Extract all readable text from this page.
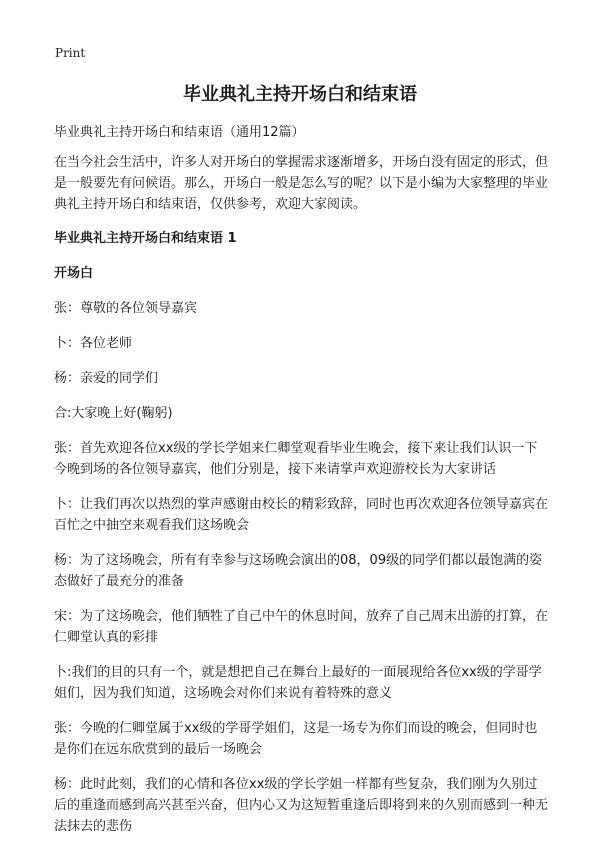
Print
毕业典礼主持开场白和结束语

毕业典礼主持开场白和结束语（通用12篇）

在当今社会生活中，许多人对开场白的掌握需求逐渐增多，开场白没有固定的形式，但是一般要先有问候语。那么，开场白一般是怎么写的呢？以下是小编为大家整理的毕业典礼主持开场白和结束语，仅供参考，欢迎大家阅读。

毕业典礼主持开场白和结束语 1

开场白

张：尊敬的各位领导嘉宾

卜：各位老师

杨：亲爱的同学们

合:大家晚上好(鞠躬)

张：首先欢迎各位xx级的学长学姐来仁卿堂观看毕业生晚会，接下来让我们认识一下今晚到场的各位领导嘉宾，他们分别是，接下来请掌声欢迎游校长为大家讲话

卜：让我们再次以热烈的掌声感谢由校长的精彩致辞，同时也再次欢迎各位领导嘉宾在百忙之中抽空来观看我们这场晚会

杨：为了这场晚会，所有有幸参与这场晚会演出的08，09级的同学们都以最饱满的姿态做好了最充分的准备

宋：为了这场晚会，他们牺牲了自己中午的休息时间，放弃了自己周末出游的打算，在仁卿堂认真的彩排

卜:我们的目的只有一个，就是想把自己在舞台上最好的一面展现给各位xx级的学哥学姐们，因为我们知道，这场晚会对你们来说有着特殊的意义

张：今晚的仁卿堂属于xx级的学哥学姐们，这是一场专为你们而设的晚会，但同时也是你们在远东欣赏到的最后一场晚会

杨：此时此刻，我们的心情和各位xx级的学长学姐一样都有些复杂，我们刚为久别过后的重逢而感到高兴甚至兴奋，但内心又为这短暂重逢后即将到来的久别而感到一种无法抹去的悲伤
